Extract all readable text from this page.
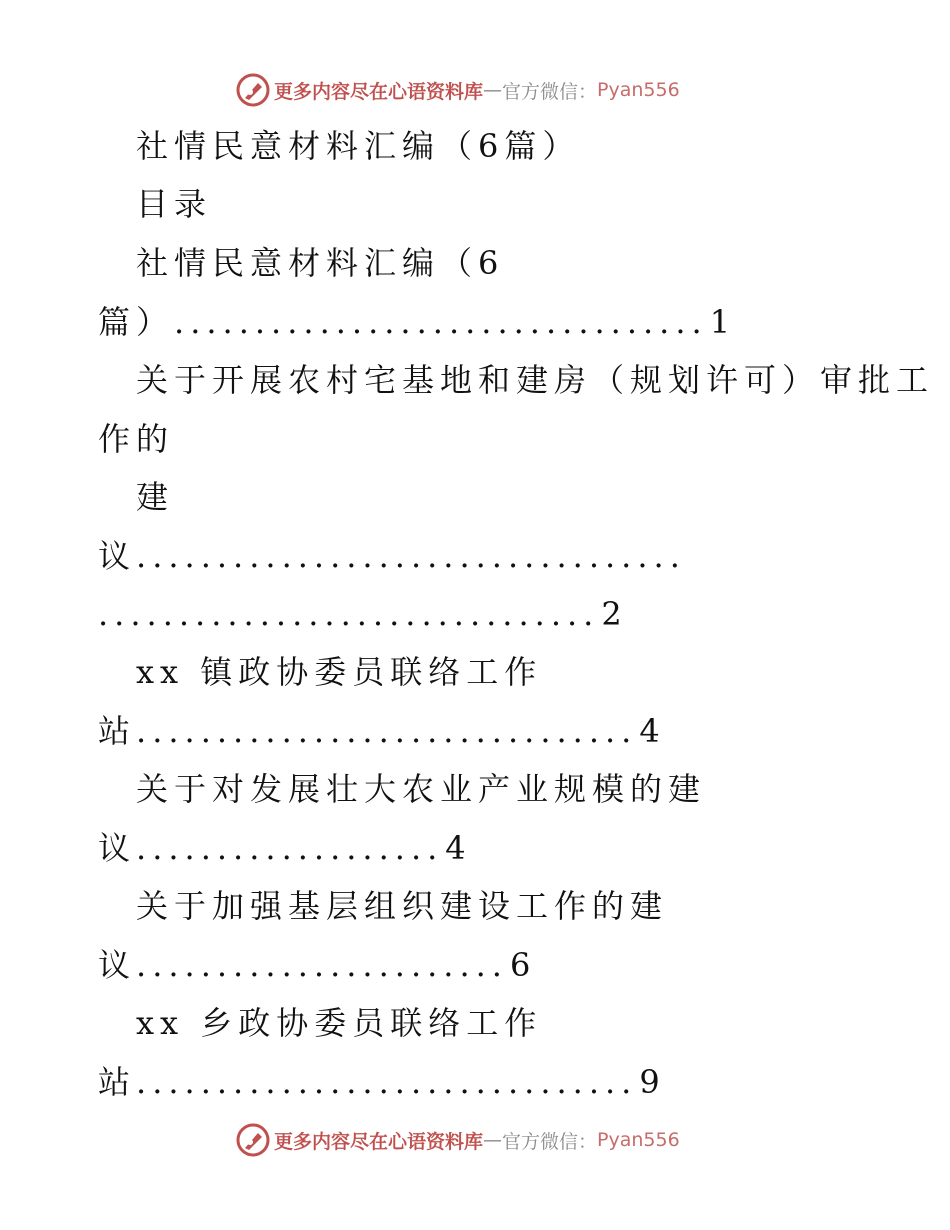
更多内容尽在心语资料库 — 官方微信： Pyan556
社情民意材料汇编（6篇）
目录
社情民意材料汇编（6
篇）.................................1
关于开展农村宅基地和建房（规划许可）审批工
作的
建
议..................................
...............................2
xx 镇政协委员联络工作
站...............................4
关于对发展壮大农业产业规模的建
议...................4
关于加强基层组织建设工作的建
议.......................6
xx 乡政协委员联络工作
站...............................9
更多内容尽在心语资料库 — 官方微信： Pyan556
